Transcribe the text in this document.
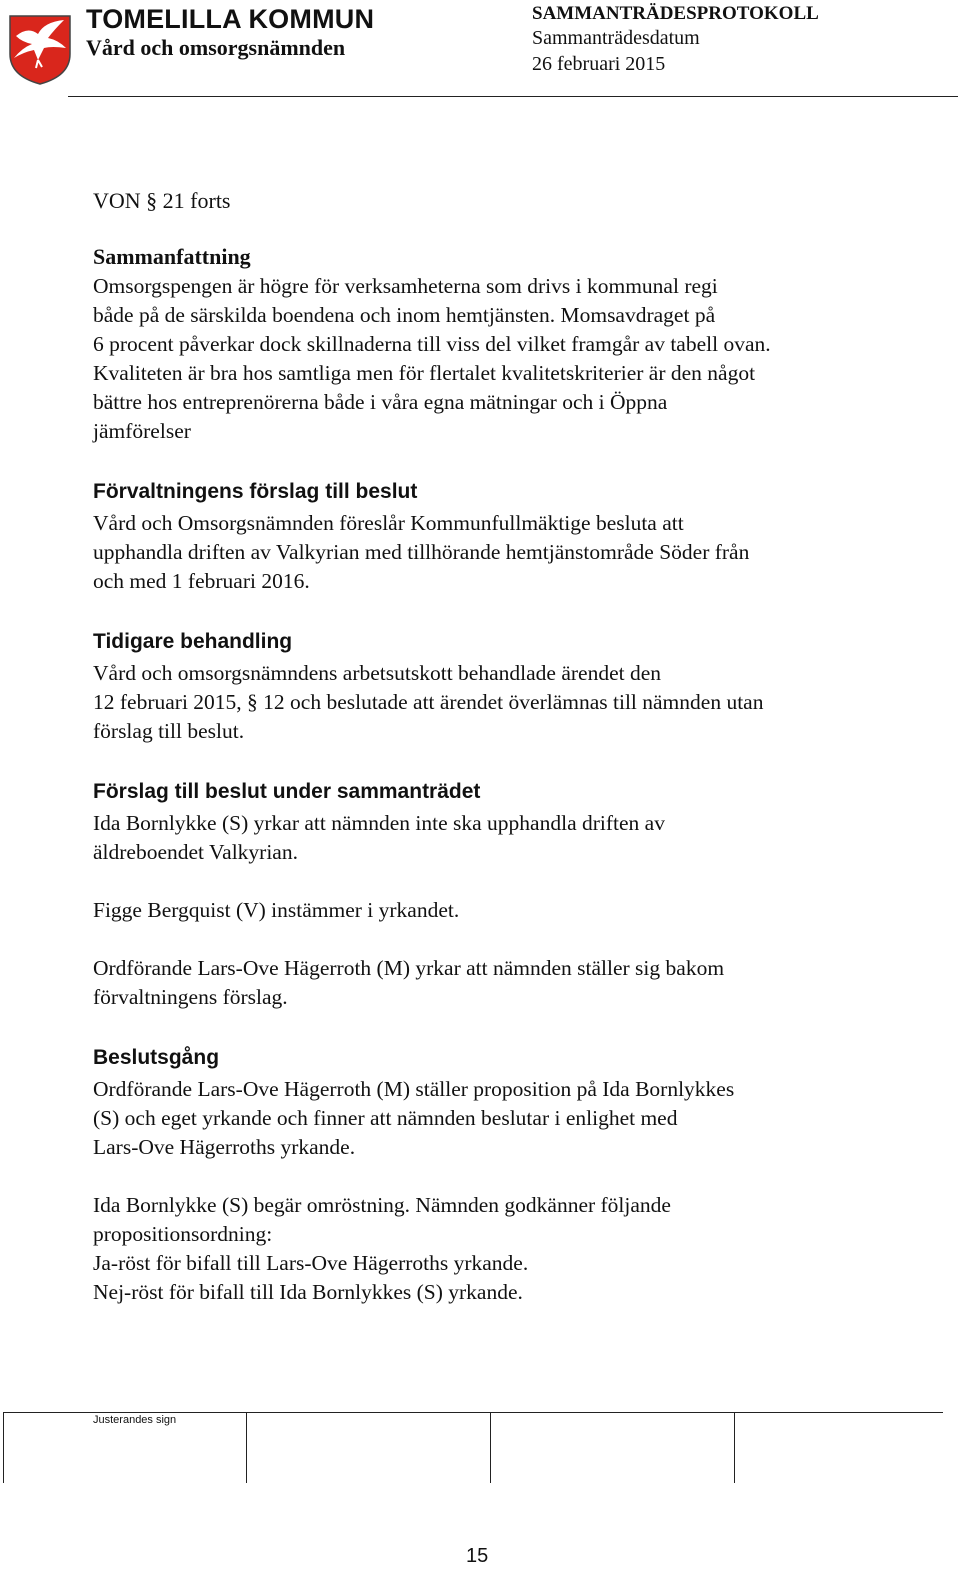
TOMELILLA KOMMUN
Vård och omsorgsnämnden
SAMMANTRÄDESPROTOKOLL
Sammanträdesdatum
26 februari 2015

VON § 21 forts

Sammanfattning
Omsorgspengen är högre för verksamheterna som drivs i kommunal regi
både på de särskilda boendena och inom hemtjänsten. Momsavdraget på
6 procent påverkar dock skillnaderna till viss del vilket framgår av tabell ovan.
Kvaliteten är bra hos samtliga men för flertalet kvalitetskriterier är den något
bättre hos entreprenörerna både i våra egna mätningar och i Öppna
jämförelser
Förvaltningens förslag till beslut
Vård och Omsorgsnämnden föreslår Kommunfullmäktige besluta att
upphandla driften av Valkyrian med tillhörande hemtjänstområde Söder från
och med 1 februari 2016.
Tidigare behandling
Vård och omsorgsnämndens arbetsutskott behandlade ärendet den
12 februari 2015, § 12 och beslutade att ärendet överlämnas till nämnden utan
förslag till beslut.
Förslag till beslut under sammanträdet
Ida Bornlykke (S) yrkar att nämnden inte ska upphandla driften av
äldreboendet Valkyrian.
Figge Bergquist (V) instämmer i yrkandet.
Ordförande Lars-Ove Hägerroth (M) yrkar att nämnden ställer sig bakom
förvaltningens förslag.
Beslutsgång
Ordförande Lars-Ove Hägerroth (M) ställer proposition på Ida Bornlykkes
(S) och eget yrkande och finner att nämnden beslutar i enlighet med
Lars-Ove Hägerroths yrkande.
Ida Bornlykke (S) begär omröstning. Nämnden godkänner följande
propositionsordning:
Ja-röst för bifall till Lars-Ove Hägerroths yrkande.
Nej-röst för bifall till Ida Bornlykkes (S) yrkande.
Justerandes sign
15
